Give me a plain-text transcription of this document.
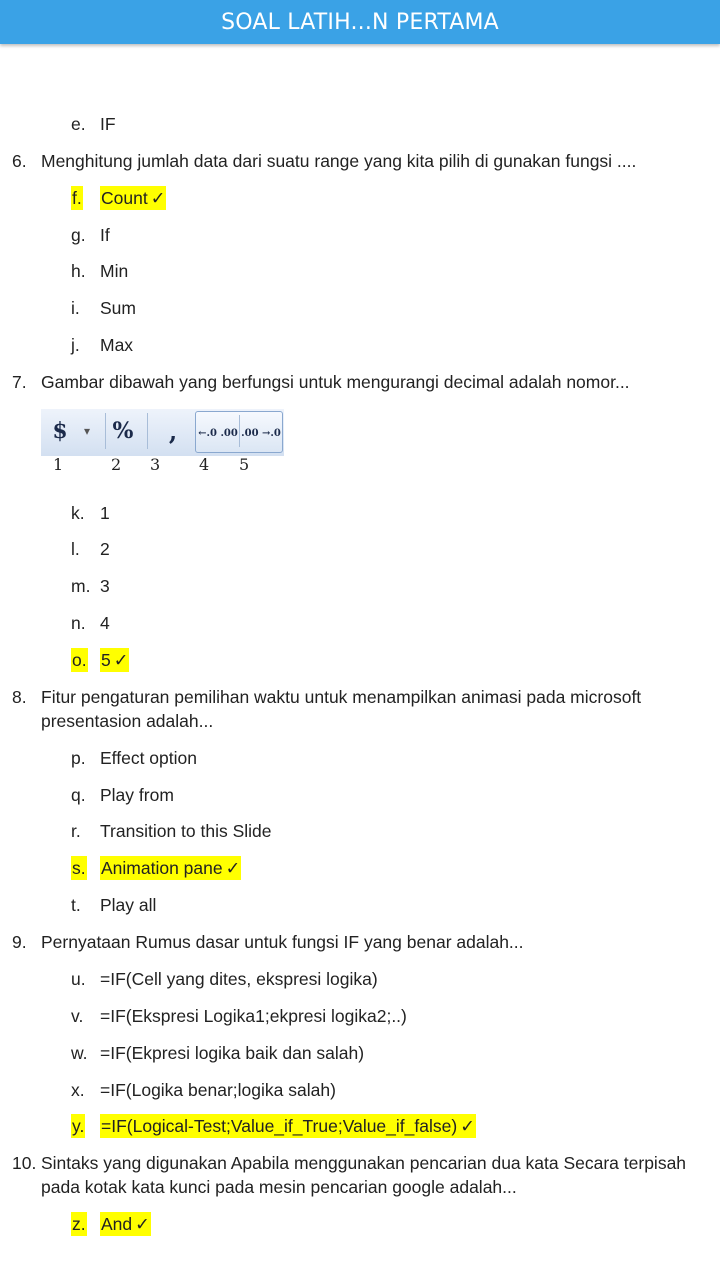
e. IF
6. Menghitung jumlah data dari suatu range yang kita pilih di gunakan fungsi ....
f. Count ✓
g. If
h. Min
i. Sum
j. Max
7. Gambar dibawah yang berfungsi untuk mengurangi decimal adalah nomor...
$	▾ %	,	←.0 .00 .00 →.0
1	2 3 4 5
k. 1
l. 2
m. 3
n. 4
o. 5 ✓
8. Fitur pengaturan pemilihan waktu untuk menampilkan animasi pada microsoft presentasion adalah...
p. Effect option
q. Play from
r. Transition to this Slide
s. Animation pane ✓
t. Play all
9. Pernyataan Rumus dasar untuk fungsi IF yang benar adalah...
u. =IF(Cell yang dites, ekspresi logika)
v. =IF(Ekspresi Logika1;ekpresi logika2;..)
w. =IF(Ekpresi logika baik dan salah)
x. =IF(Logika benar;logika salah)
y. =IF(Logical-Test;Value_if_True;Value_if_false) ✓
10. Sintaks yang digunakan Apabila menggunakan pencarian dua kata Secara terpisah pada kotak kata kunci pada mesin pencarian google adalah...
z. And ✓
SOAL LATIH...N PERTAMA
